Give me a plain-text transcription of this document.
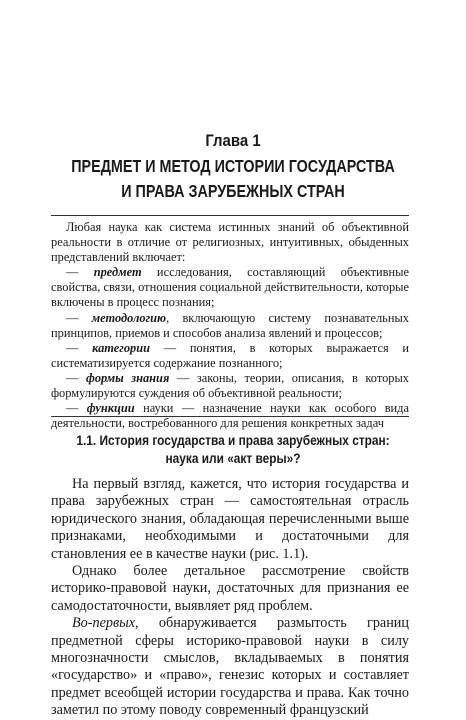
Глава 1
ПРЕДМЕТ И МЕТОД ИСТОРИИ ГОСУДАРСТВА
И ПРАВА ЗАРУБЕЖНЫХ СТРАН

Любая наука как система истинных знаний об объективной реальности в отличие от религиозных, интуитивных, обыденных представлений включает:

— предмет исследования, составляющий объективные свойства, связи, отношения социальной действительности, которые включены в процесс познания;

— методологию, включающую систему познавательных принципов, приемов и способов анализа явлений и процессов;

— категории — понятия, в которых выражается и систематизируется содержание познанного;

— формы знания — законы, теории, описания, в которых формулируются суждения об объективной реальности;

— функции науки — назначение науки как особого вида деятельности, востребованного для решения конкретных задач

1.1. История государства и права зарубежных стран:
наука или «акт веры»?

На первый взгляд, кажется, что история государства и права зарубежных стран — самостоятельная отрасль юридического знания, обладающая перечисленными выше признаками, необходимыми и достаточными для становления ее в качестве науки (рис. 1.1).

Однако более детальное рассмотрение свойств историко-правовой науки, достаточных для признания ее самодостаточности, выявляет ряд проблем.

Во-первых, обнаруживается размытость границ предметной сферы историко-правовой науки в силу многозначности смыслов, вкладываемых в понятия «государство» и «право», генезис которых и составляет предмет всеобщей истории государства и права. Как точно заметил по этому поводу современный французский
